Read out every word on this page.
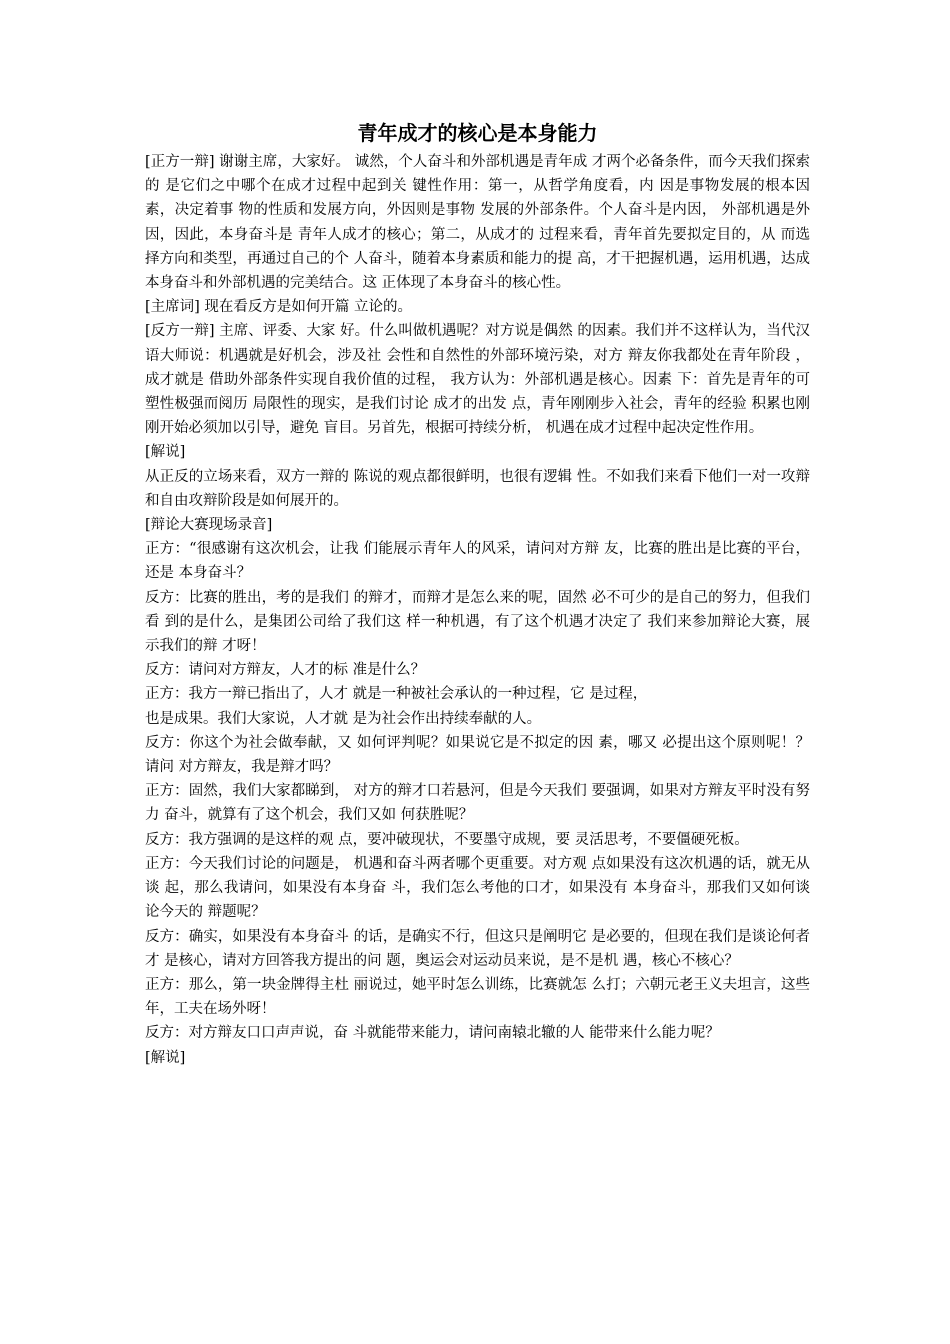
青年成才的核心是本身能力

[正方一辩] 谢谢主席，大家好。 诚然，个人奋斗和外部机遇是青年成 才两个必备条件，而今天我们探索的 是它们之中哪个在成才过程中起到关 键性作用：第一，从哲学角度看，内 因是事物发展的根本因素，决定着事 物的性质和发展方向，外因则是事物 发展的外部条件。个人奋斗是内因， 外部机遇是外因，因此，本身奋斗是 青年人成才的核心；第二，从成才的 过程来看，青年首先要拟定目的，从 而选择方向和类型，再通过自己的个 人奋斗，随着本身素质和能力的提 高，才干把握机遇，运用机遇，达成 本身奋斗和外部机遇的完美结合。这 正体现了本身奋斗的核心性。

[主席词] 现在看反方是如何开篇 立论的。

[反方一辩] 主席、评委、大家 好。什么叫做机遇呢？对方说是偶然 的因素。我们并不这样认为，当代汉 语大师说：机遇就是好机会，涉及社 会性和自然性的外部环境污染，对方 辩友你我都处在青年阶段 ，成才就是 借助外部条件实现自我价值的过程， 我方认为：外部机遇是核心。因素 下：首先是青年的可塑性极强而阅历 局限性的现实，是我们讨论 成才的出发 点，青年刚刚步入社会，青年的经验 积累也刚刚开始必须加以引导，避免 盲目。另首先，根据可持续分析， 机遇在成才过程中起决定性作用。

[解说]

从正反的立场来看，双方一辩的 陈说的观点都很鲜明，也很有逻辑 性。不如我们来看下他们一对一攻辩 和自由攻辩阶段是如何展开的。

[辩论大赛现场录音]

正方：“很感谢有这次机会，让我 们能展示青年人的风采，请问对方辩 友，比赛的胜出是比赛的平台，还是 本身奋斗？

反方：比赛的胜出，考的是我们 的辩才，而辩才是怎么来的呢，固然 必不可少的是自己的努力，但我们看 到的是什么，是集团公司给了我们这 样一种机遇，有了这个机遇才决定了 我们来参加辩论大赛，展示我们的辩 才呀！

反方：请问对方辩友，人才的标 准是什么？

正方：我方一辩已指出了，人才 就是一种被社会承认的一种过程，它 是过程，

也是成果。我们大家说，人才就 是为社会作出持续奉献的人。

反方：你这个为社会做奉献，又 如何评判呢？如果说它是不拟定的因 素，哪又 必提出这个原则呢！？请问 对方辩友，我是辩才吗？

正方：固然，我们大家都睇到， 对方的辩才口若悬河，但是今天我们 要强调，如果对方辩友平时没有努力 奋斗，就算有了这个机会，我们又如 何获胜呢？

反方：我方强调的是这样的观 点，要冲破现状，不要墨守成规，要 灵活思考，不要僵硬死板。

正方：今天我们讨论的问题是， 机遇和奋斗两者哪个更重要。对方观 点如果没有这次机遇的话，就无从谈 起，那么我请问，如果没有本身奋 斗，我们怎么考他的口才，如果没有 本身奋斗，那我们又如何谈论今天的 辩题呢？

反方：确实，如果没有本身奋斗 的话，是确实不行，但这只是阐明它 是必要的，但现在我们是谈论何者才 是核心，请对方回答我方提出的问 题，奥运会对运动员来说，是不是机 遇，核心不核心？

正方：那么，第一块金牌得主杜 丽说过，她平时怎么训练，比赛就怎 么打；六朝元老王义夫坦言，这些 年，工夫在场外呀！

反方：对方辩友口口声声说，奋 斗就能带来能力，请问南辕北辙的人 能带来什么能力呢？

[解说]
